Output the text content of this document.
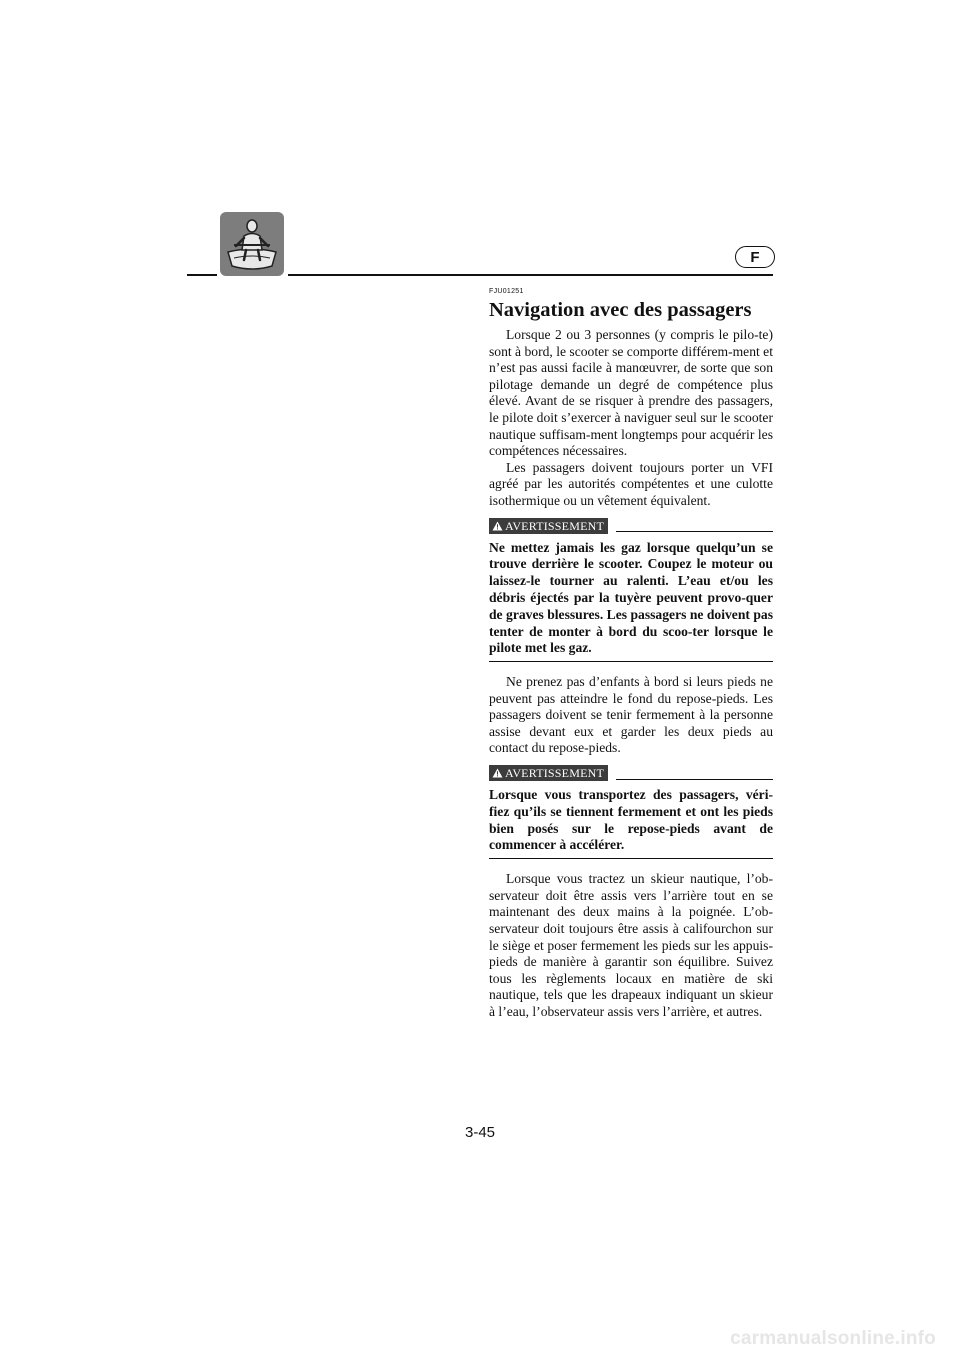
F
FJU01251
Navigation avec des passagers

Lorsque 2 ou 3 personnes (y compris le pilo-te) sont à bord, le scooter se comporte différem-ment et n’est pas aussi facile à manœuvrer, de sorte que son pilotage demande un degré de compétence plus élevé. Avant de se risquer à prendre des passagers, le pilote doit s’exercer à naviguer seul sur le scooter nautique suffisam-ment longtemps pour acquérir les compétences nécessaires.

Les passagers doivent toujours porter un VFI agréé par les autorités compétentes et une culotte isothermique ou un vêtement équivalent.

AVERTISSEMENT

Ne mettez jamais les gaz lorsque quelqu’un se trouve derrière le scooter. Coupez le moteur ou laissez-le tourner au ralenti. L’eau et/ou les débris éjectés par la tuyère peuvent provo-quer de graves blessures. Les passagers ne doivent pas tenter de monter à bord du scoo-ter lorsque le pilote met les gaz.

Ne prenez pas d’enfants à bord si leurs pieds ne peuvent pas atteindre le fond du repose-pieds. Les passagers doivent se tenir fermement à la personne assise devant eux et garder les deux pieds au contact du repose-pieds.

AVERTISSEMENT

Lorsque vous transportez des passagers, véri-fiez qu’ils se tiennent fermement et ont les pieds bien posés sur le repose-pieds avant de commencer à accélérer.

Lorsque vous tractez un skieur nautique, l’ob-servateur doit être assis vers l’arrière tout en se maintenant des deux mains à la poignée. L’ob-servateur doit toujours être assis à califourchon sur le siège et poser fermement les pieds sur les appuis-pieds de manière à garantir son équilibre. Suivez tous les règlements locaux en matière de ski nautique, tels que les drapeaux indiquant un skieur à l’eau, l’observateur assis vers l’arrière, et autres.

3-45
carmanualsonline.info
